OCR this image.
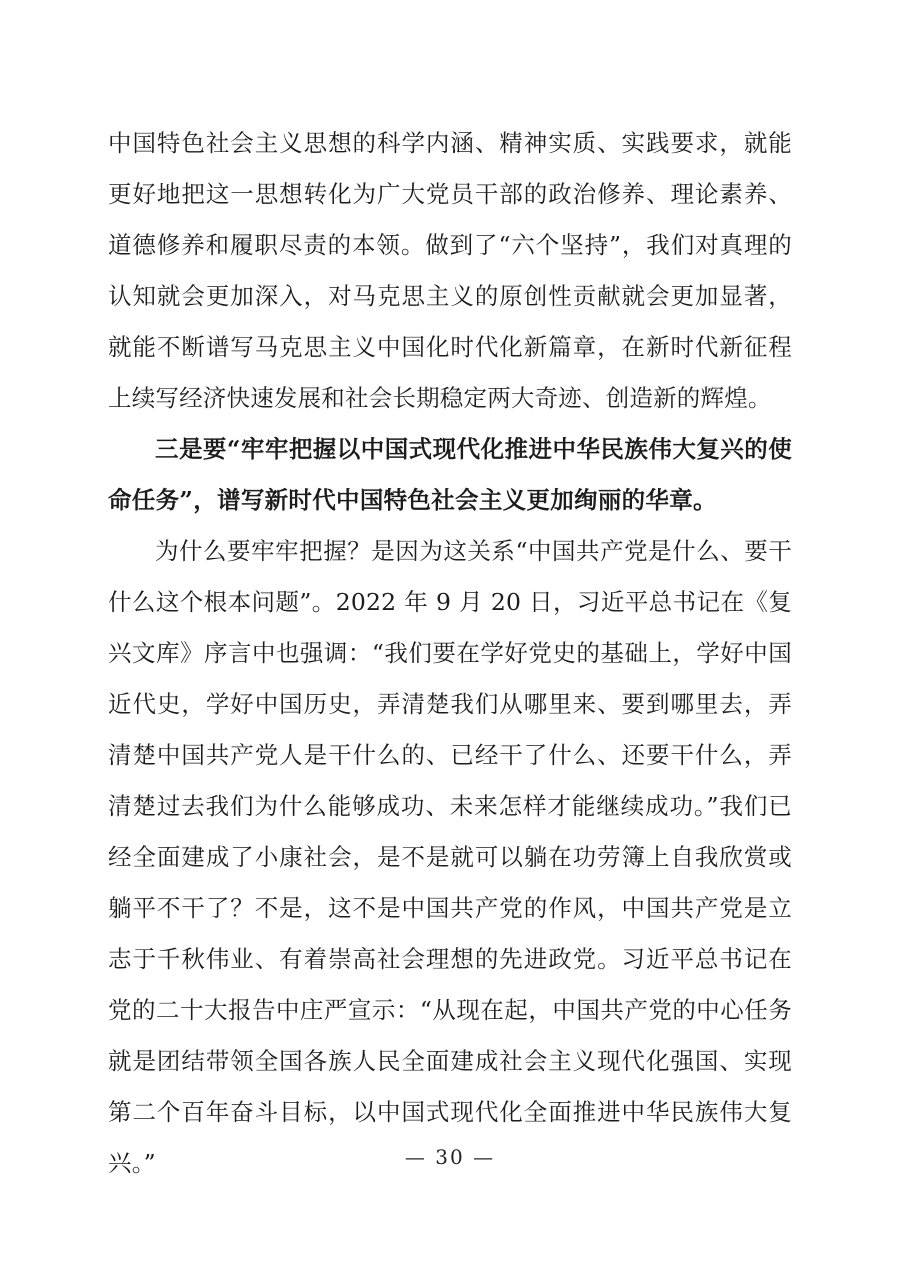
中国特色社会主义思想的科学内涵、精神实质、实践要求，就能更好地把这一思想转化为广大党员干部的政治修养、理论素养、道德修养和履职尽责的本领。做到了“六个坚持”，我们对真理的认知就会更加深入，对马克思主义的原创性贡献就会更加显著，就能不断谱写马克思主义中国化时代化新篇章，在新时代新征程上续写经济快速发展和社会长期稳定两大奇迹、创造新的辉煌。

三是要“牢牢把握以中国式现代化推进中华民族伟大复兴的使命任务”，谱写新时代中国特色社会主义更加绚丽的华章。

为什么要牢牢把握？是因为这关系“中国共产党是什么、要干什么这个根本问题”。2022 年 9 月 20 日，习近平总书记在《复兴文库》序言中也强调：“我们要在学好党史的基础上，学好中国近代史，学好中国历史，弄清楚我们从哪里来、要到哪里去，弄清楚中国共产党人是干什么的、已经干了什么、还要干什么，弄清楚过去我们为什么能够成功、未来怎样才能继续成功。”我们已经全面建成了小康社会，是不是就可以躺在功劳簿上自我欣赏或躺平不干了？不是，这不是中国共产党的作风，中国共产党是立志于千秋伟业、有着崇高社会理想的先进政党。习近平总书记在党的二十大报告中庄严宣示：“从现在起，中国共产党的中心任务就是团结带领全国各族人民全面建成社会主义现代化强国、实现第二个百年奋斗目标，以中国式现代化全面推进中华民族伟大复兴。”	— 30 —
